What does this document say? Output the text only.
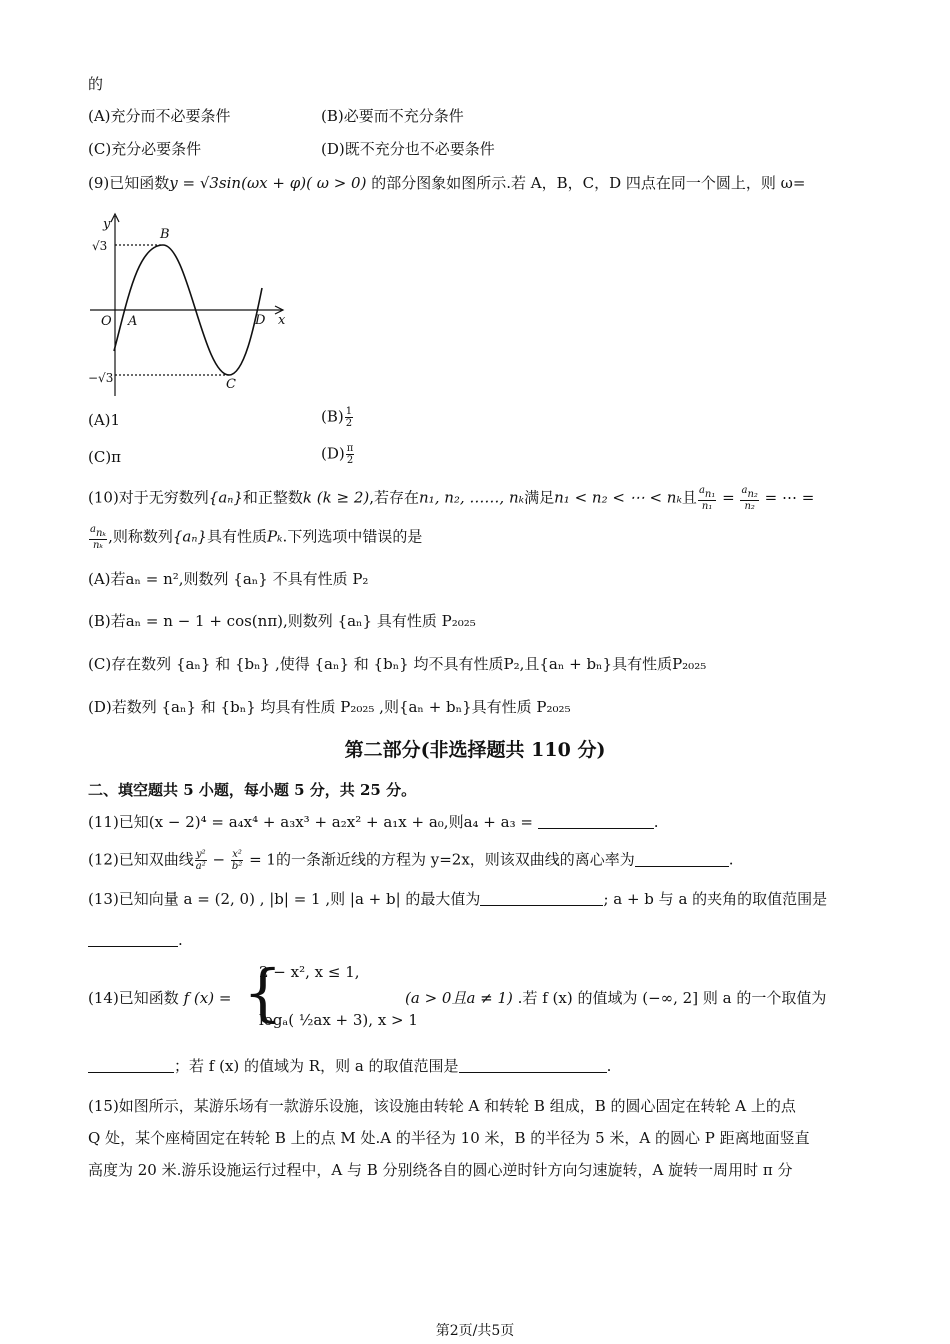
的
(A)充分而不必要条件	(B)必要而不充分条件
(C)充分必要条件	(D)既不充分也不必要条件
(9)已知函数y = √3sin(ωx + φ)( ω > 0) 的部分图象如图所示.若 A，B，C，D 四点在同一个圆上，则 ω=
y
x
√3
−√3
O A
B
C
D
(A)1	$(B) \frac{1}{2}$
(C)π	$(D) \frac{\pi}{2}$
(10)对于无穷数列{aₙ}和正整数k (k ≥ 2),若存在n₁, n₂, ……, nₖ满足n₁ < n₂ < ⋯ < nₖ且 $\frac{\text{an₁}}{\text{n₁}} = \frac{\text{an₂}}{\text{n₂}}$ = ⋯ =
$\frac{\text{anₖ}}{\text{nₖ}}$ ,则称数列{aₙ}具有性质Pₖ.下列选项中错误的是
(A)若aₙ = n²,则数列 {aₙ} 不具有性质 P₂
(B)若aₙ = n − 1 + cos(nπ),则数列 {aₙ} 具有性质 P₂₀₂₅
(C)存在数列 {aₙ} 和 {bₙ} ,使得 {aₙ} 和 {bₙ} 均不具有性质P₂,且{aₙ + bₙ}具有性质P₂₀₂₅
(D)若数列 {aₙ} 和 {bₙ} 均具有性质 P₂₀₂₅ ,则{aₙ + bₙ}具有性质 P₂₀₂₅
第二部分(非选择题共 110 分)
二、填空题共 5 小题，每小题 5 分，共 25 分。
(11)已知(x − 2)⁴ = a₄x⁴ + a₃x³ + a₂x² + a₁x + a₀,则a₄ + a₃ =	.
(12)已知双曲线 $\frac{\text{y²}}{\text{a²}} - \frac{\text{x²}}{\text{b²}} = 1$的一条渐近线的方程为 y=2x，则该双曲线的离心率为	.
(13)已知向量 a = (2, 0) , |b| = 1 ,则 |a + b| 的最大值为	; a + b 与 a 的夹角的取值范围是
.
(14)已知函数 f (x) = {
2 − x², x ≤ 1,
logₐ( ½ax + 3), x > 1
(a > 0且a ≠ 1) .若 f (x) 的值域为 (−∞, 2] 则 a 的一个取值为
；若 f (x) 的值域为 R，则 a 的取值范围是	.
(15)如图所示，某游乐场有一款游乐设施，该设施由转轮 A 和转轮 B 组成，B 的圆心固定在转轮 A 上的点
Q 处，某个座椅固定在转轮 B 上的点 M 处.A 的半径为 10 米，B 的半径为 5 米，A 的圆心 P 距离地面竖直
高度为 20 米.游乐设施运行过程中，A 与 B 分别绕各自的圆心逆时针方向匀速旋转，A 旋转一周用时 π 分
第2页/共5页
